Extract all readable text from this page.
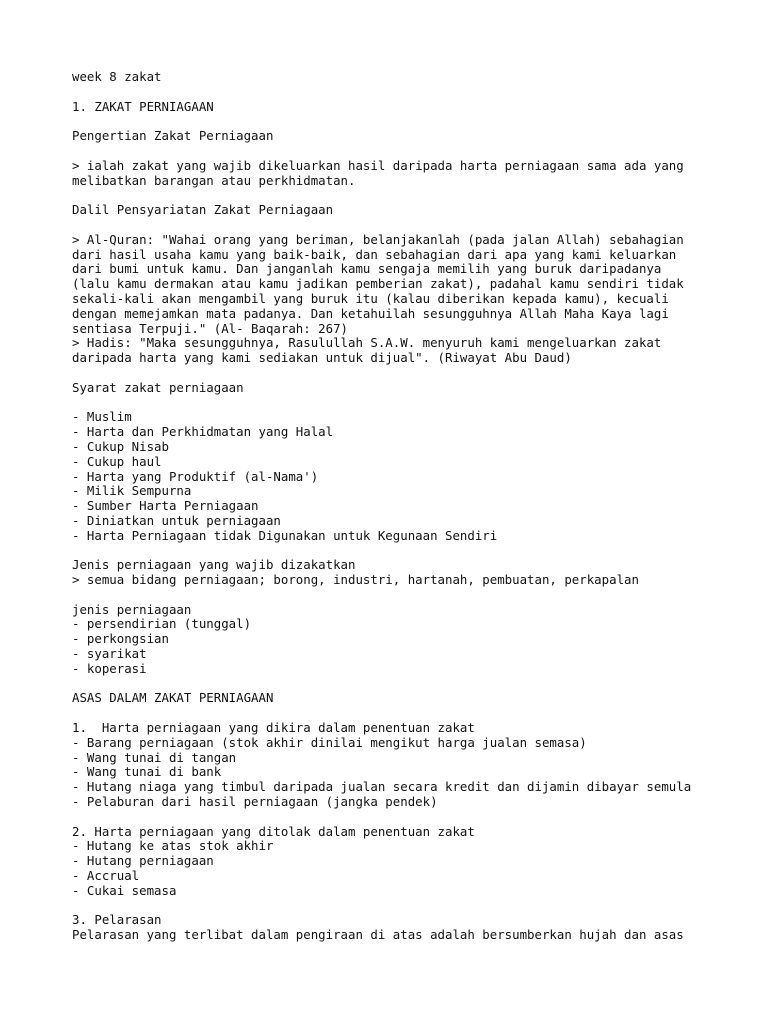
week 8 zakat
1. ZAKAT PERNIAGAAN
Pengertian Zakat Perniagaan
> ialah zakat yang wajib dikeluarkan hasil daripada harta perniagaan sama ada yang
melibatkan barangan atau perkhidmatan.
Dalil Pensyariatan Zakat Perniagaan
> Al-Quran: "Wahai orang yang beriman, belanjakanlah (pada jalan Allah) sebahagian
dari hasil usaha kamu yang baik-baik, dan sebahagian dari apa yang kami keluarkan
dari bumi untuk kamu. Dan janganlah kamu sengaja memilih yang buruk daripadanya
(lalu kamu dermakan atau kamu jadikan pemberian zakat), padahal kamu sendiri tidak
sekali-kali akan mengambil yang buruk itu (kalau diberikan kepada kamu), kecuali
dengan memejamkan mata padanya. Dan ketahuilah sesungguhnya Allah Maha Kaya lagi
sentiasa Terpuji." (Al- Baqarah: 267)
> Hadis: "Maka sesungguhnya, Rasulullah S.A.W. menyuruh kami mengeluarkan zakat
daripada harta yang kami sediakan untuk dijual". (Riwayat Abu Daud)
Syarat zakat perniagaan
- Muslim
- Harta dan Perkhidmatan yang Halal
- Cukup Nisab
- Cukup haul
- Harta yang Produktif (al-Nama')
- Milik Sempurna
- Sumber Harta Perniagaan
- Diniatkan untuk perniagaan
- Harta Perniagaan tidak Digunakan untuk Kegunaan Sendiri
Jenis perniagaan yang wajib dizakatkan
> semua bidang perniagaan; borong, industri, hartanah, pembuatan, perkapalan
jenis perniagaan
- persendirian (tunggal)
- perkongsian
- syarikat
- koperasi
ASAS DALAM ZAKAT PERNIAGAAN
1.  Harta perniagaan yang dikira dalam penentuan zakat
- Barang perniagaan (stok akhir dinilai mengikut harga jualan semasa)
- Wang tunai di tangan
- Wang tunai di bank
- Hutang niaga yang timbul daripada jualan secara kredit dan dijamin dibayar semula
- Pelaburan dari hasil perniagaan (jangka pendek)
2. Harta perniagaan yang ditolak dalam penentuan zakat
- Hutang ke atas stok akhir
- Hutang perniagaan
- Accrual
- Cukai semasa
3. Pelarasan
Pelarasan yang terlibat dalam pengiraan di atas adalah bersumberkan hujah dan asas
